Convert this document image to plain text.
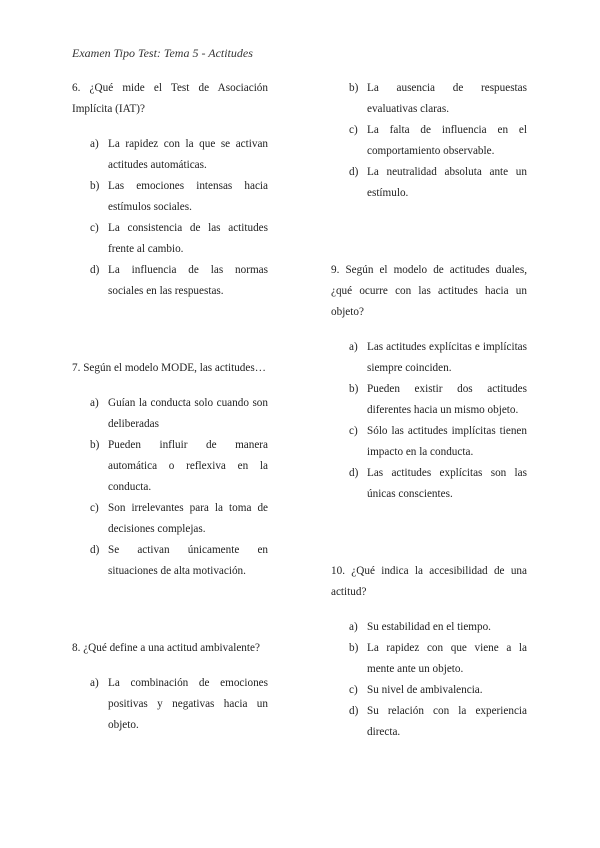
Examen Tipo Test: Tema 5 - Actitudes

6. ¿Qué mide el Test de Asociación Implícita (IAT)?

a) La rapidez con la que se activan actitudes automáticas.
b) Las emociones intensas hacia estímulos sociales.
c) La consistencia de las actitudes frente al cambio.
d) La influencia de las normas sociales en las respuestas.

7. Según el modelo MODE, las actitudes…

a) Guían la conducta solo cuando son deliberadas
b) Pueden influir de manera automática o reflexiva en la conducta.
c) Son irrelevantes para la toma de decisiones complejas.
d) Se activan únicamente en situaciones de alta motivación.

8. ¿Qué define a una actitud ambivalente?

a) La combinación de emociones positivas y negativas hacia un objeto.
b) La ausencia de respuestas evaluativas claras.
c) La falta de influencia en el comportamiento observable.
d) La neutralidad absoluta ante un estímulo.

9. Según el modelo de actitudes duales, ¿qué ocurre con las actitudes hacia un objeto?

a) Las actitudes explícitas e implícitas siempre coinciden.
b) Pueden existir dos actitudes diferentes hacia un mismo objeto.
c) Sólo las actitudes implícitas tienen impacto en la conducta.
d) Las actitudes explícitas son las únicas conscientes.

10. ¿Qué indica la accesibilidad de una actitud?

a) Su estabilidad en el tiempo.
b) La rapidez con que viene a la mente ante un objeto.
c) Su nivel de ambivalencia.
d) Su relación con la experiencia directa.
